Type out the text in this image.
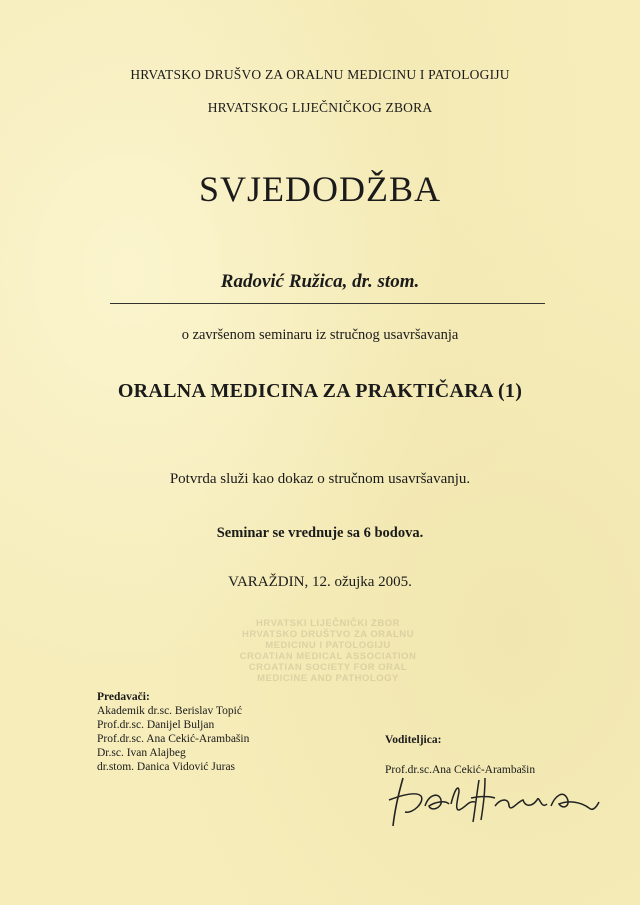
HRVATSKO DRUŠVO ZA ORALNU MEDICINU I PATOLOGIJU
HRVATSKOG LIJEČNIČKOG ZBORA
SVJEDODŽBA
Radović Ružica, dr. stom.
o završenom seminaru iz stručnog usavršavanja
ORALNA MEDICINA ZA PRAKTIČARA (1)
Potvrda služi kao dokaz o stručnom usavršavanju.
Seminar se vrednuje sa 6 bodova.
VARAŽDIN, 12. ožujka 2005.
HRVATSKI LIJEČNIČKI ZBOR
HRVATSKO DRUŠTVO ZA ORALNU
MEDICINU I PATOLOGIJU
CROATIAN MEDICAL ASSOCIATION
CROATIAN SOCIETY FOR ORAL
MEDICINE AND PATHOLOGY
Predavači:
Akademik dr.sc. Berislav Topić
Prof.dr.sc. Danijel Buljan
Prof.dr.sc. Ana Cekić-Arambašin
Dr.sc. Ivan Alajbeg
dr.stom. Danica Vidović Juras
Voditeljica:
Prof.dr.sc.Ana Cekić-Arambašin
